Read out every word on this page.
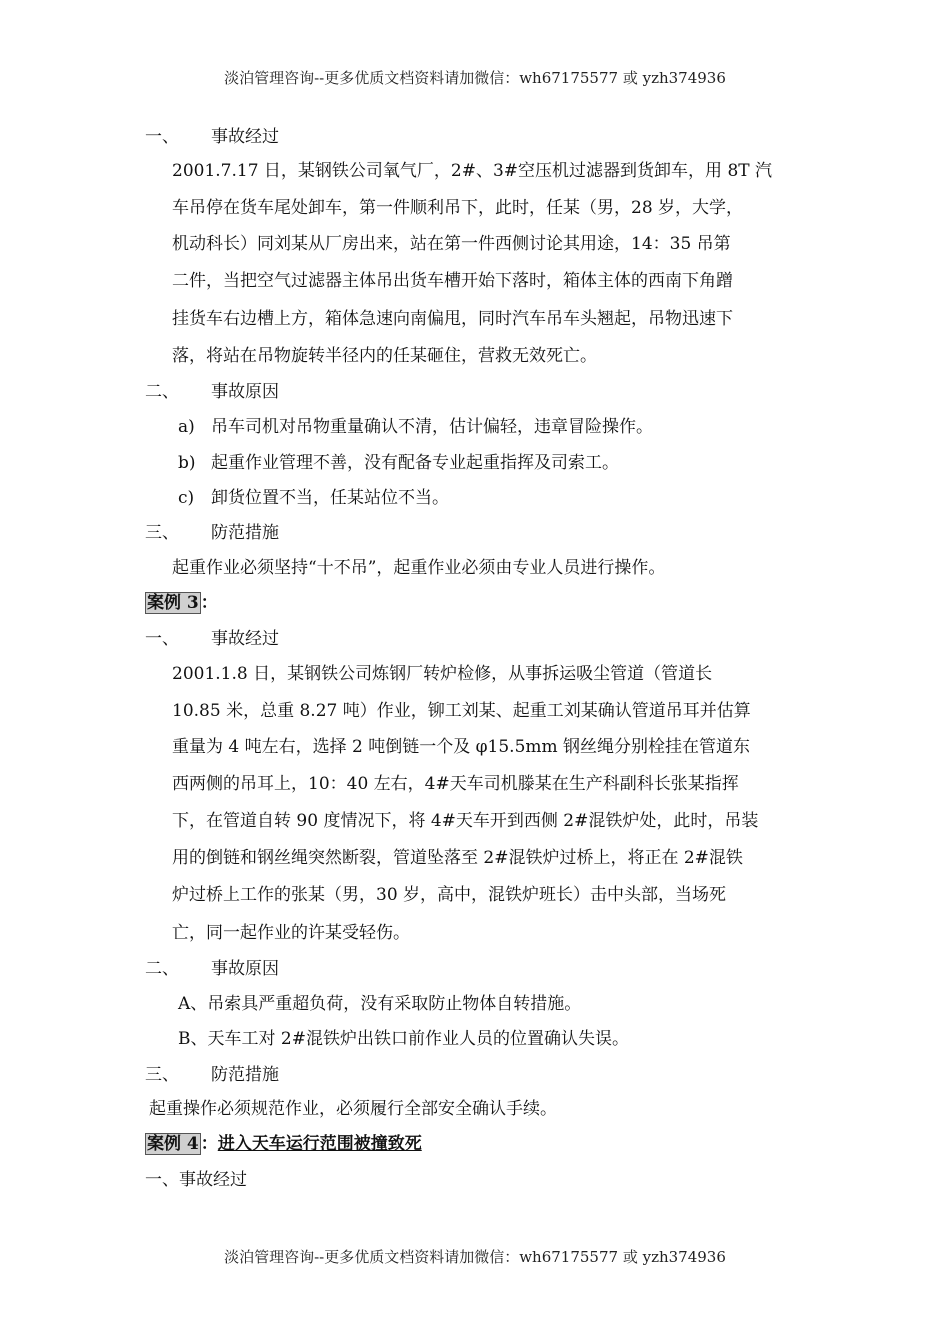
淡泊管理咨询--更多优质文档资料请加微信：wh67175577 或 yzh374936
一、 事故经过
2001.7.17 日，某钢铁公司氧气厂，2#、3#空压机过滤器到货卸车，用 8T 汽
车吊停在货车尾处卸车，第一件顺利吊下，此时，任某（男，28 岁，大学，
机动科长）同刘某从厂房出来，站在第一件西侧讨论其用途，14：35 吊第
二件，当把空气过滤器主体吊出货车槽开始下落时，箱体主体的西南下角蹭
挂货车右边槽上方，箱体急速向南偏甩，同时汽车吊车头翘起，吊物迅速下
落，将站在吊物旋转半径内的任某砸住，营救无效死亡。
二、 事故原因
a) 吊车司机对吊物重量确认不清，估计偏轻，违章冒险操作。
b) 起重作业管理不善，没有配备专业起重指挥及司索工。
c) 卸货位置不当，任某站位不当。
三、 防范措施
起重作业必须坚持“十不吊”，起重作业必须由专业人员进行操作。
案例 3 ：
一、 事故经过
2001.1.8 日，某钢铁公司炼钢厂转炉检修，从事拆运吸尘管道（管道长
10.85 米，总重 8.27 吨）作业，铆工刘某、起重工刘某确认管道吊耳并估算
重量为 4 吨左右，选择 2 吨倒链一个及 φ15.5mm 钢丝绳分别栓挂在管道东
西两侧的吊耳上，10：40 左右，4#天车司机滕某在生产科副科长张某指挥
下，在管道自转 90 度情况下，将 4#天车开到西侧 2#混铁炉处，此时，吊装
用的倒链和钢丝绳突然断裂，管道坠落至 2#混铁炉过桥上，将正在 2#混铁
炉过桥上工作的张某（男，30 岁，高中，混铁炉班长）击中头部，当场死
亡，同一起作业的许某受轻伤。
二、 事故原因
A、吊索具严重超负荷，没有采取防止物体自转措施。
B、天车工对 2#混铁炉出铁口前作业人员的位置确认失误。
三、 防范措施
起重操作必须规范作业，必须履行全部安全确认手续。
案例 4 ：进入天车运行范围被撞致死
一、事故经过
淡泊管理咨询--更多优质文档资料请加微信：wh67175577 或 yzh374936
